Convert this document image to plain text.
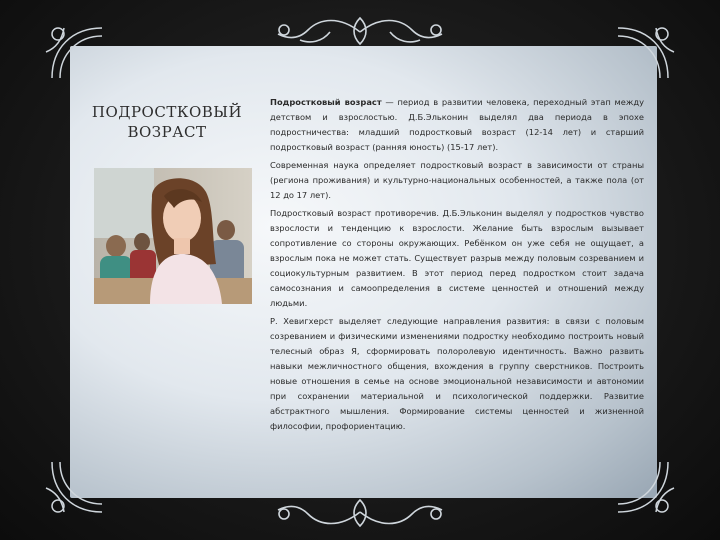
ПОДРОСТКОВЫЙ ВОЗРАСТ

Подростковый возраст — период в развитии человека, переходный этап между детством и взрослостью. Д.Б.Эльконин выделял два периода в эпохе подростничества: младший подростковый возраст (12-14 лет) и старший подростковый возраст (ранняя юность) (15-17 лет).

Современная наука определяет подростковый возраст в зависимости от страны (региона проживания) и культурно-национальных особенностей, а также пола (от 12 до 17 лет).

Подростковый возраст противоречив. Д.Б.Эльконин выделял у подростков чувство взрослости и тенденцию к взрослости. Желание быть взрослым вызывает сопротивление со стороны окружающих. Ребёнком он уже себя не ощущает, а взрослым пока не может стать. Существует разрыв между половым созреванием и социокультурным развитием. В этот период перед подростком стоит задача самосознания и самоопределения в системе ценностей и отношений между людьми.

Р. Хевигхерст выделяет следующие направления развития: в связи с половым созреванием и физическими изменениями подростку необходимо построить новый телесный образ Я, сформировать полоролевую идентичность. Важно развить навыки межличностного общения, вхождения в группу сверстников. Построить новые отношения в семье на основе эмоциональной независимости и автономии при сохранении материальной и психологической поддержки. Развитие абстрактного мышления. Формирование системы ценностей и жизненной философии, профориентацию.
